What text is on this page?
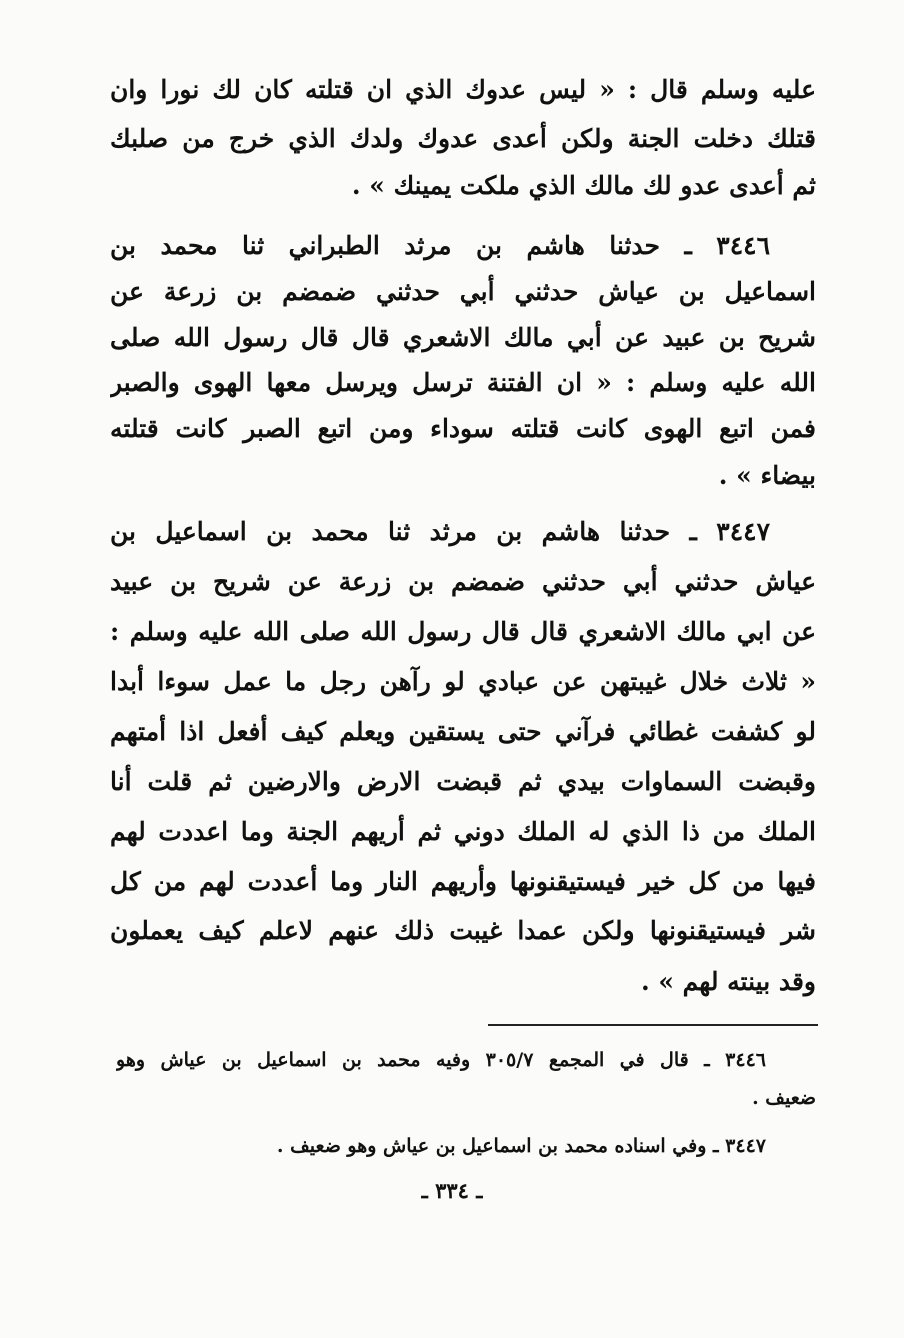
عليه وسلم قال : « ليس عدوك الذي ان قتلته كان لك نورا وان
قتلك دخلت الجنة ولكن أعدى عدوك ولدك الذي خرج من صلبك
ثم أعدى عدو لك مالك الذي ملكت يمينك » .
٣٤٤٦ ـ حدثنا هاشم بن مرثد الطبراني ثنا محمد بن
اسماعيل بن عياش حدثني أبي حدثني ضمضم بن زرعة عن
شريح بن عبيد عن أبي مالك الاشعري قال قال رسول الله صلى
الله عليه وسلم : « ان الفتنة ترسل ويرسل معها الهوى والصبر
فمن اتبع الهوى كانت قتلته سوداء ومن اتبع الصبر كانت قتلته
بيضاء » .
٣٤٤٧ ـ حدثنا هاشم بن مرثد ثنا محمد بن اسماعيل بن
عياش حدثني أبي حدثني ضمضم بن زرعة عن شريح بن عبيد
عن ابي مالك الاشعري قال قال رسول الله صلى الله عليه وسلم :
« ثلاث خلال غيبتهن عن عبادي لو رآهن رجل ما عمل سوءا أبدا
لو كشفت غطائي فرآني حتى يستقين ويعلم كيف أفعل اذا أمتهم
وقبضت السماوات بيدي ثم قبضت الارض والارضين ثم قلت أنا
الملك من ذا الذي له الملك دوني ثم أريهم الجنة وما اعددت لهم
فيها من كل خير فيستيقنونها وأريهم النار وما أعددت لهم من كل
شر فيستيقنونها ولكن عمدا غيبت ذلك عنهم لاعلم كيف يعملون
وقد بينته لهم » .
٣٤٤٦ ـ قال في المجمع ٣٠٥/٧ وفيه محمد بن اسماعيل بن عياش وهو
ضعيف .
٣٤٤٧ ـ وفي اسناده محمد بن اسماعيل بن عياش وهو ضعيف .
ـ ٣٣٤ ـ
